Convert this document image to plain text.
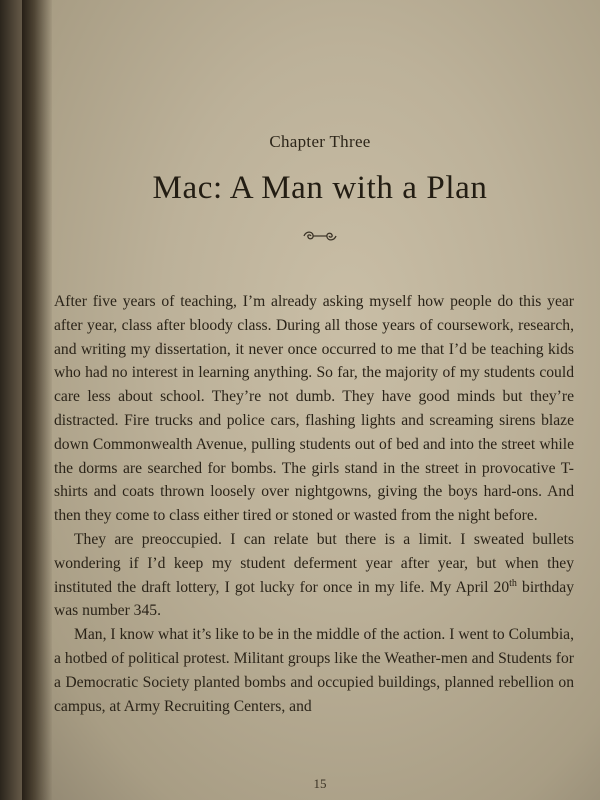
Chapter Three
Mac: A Man with a Plan

After five years of teaching, I’m already asking myself how people do this year after year, class after bloody class. During all those years of coursework, research, and writing my dissertation, it never once occurred to me that I’d be teaching kids who had no interest in learning anything. So far, the majority of my students could care less about school. They’re not dumb. They have good minds but they’re distracted. Fire trucks and police cars, flashing lights and screaming sirens blaze down Commonwealth Avenue, pulling students out of bed and into the street while the dorms are searched for bombs. The girls stand in the street in provocative T-shirts and coats thrown loosely over nightgowns, giving the boys hard-ons. And then they come to class either tired or stoned or wasted from the night before.

They are preoccupied. I can relate but there is a limit. I sweated bullets wondering if I’d keep my student deferment year after year, but when they instituted the draft lottery, I got lucky for once in my life. My April 20th birthday was number 345.

Man, I know what it’s like to be in the middle of the action. I went to Columbia, a hotbed of political protest. Militant groups like the Weather-men and Students for a Democratic Society planted bombs and occupied buildings, planned rebellion on campus, at Army Recruiting Centers, and

15
